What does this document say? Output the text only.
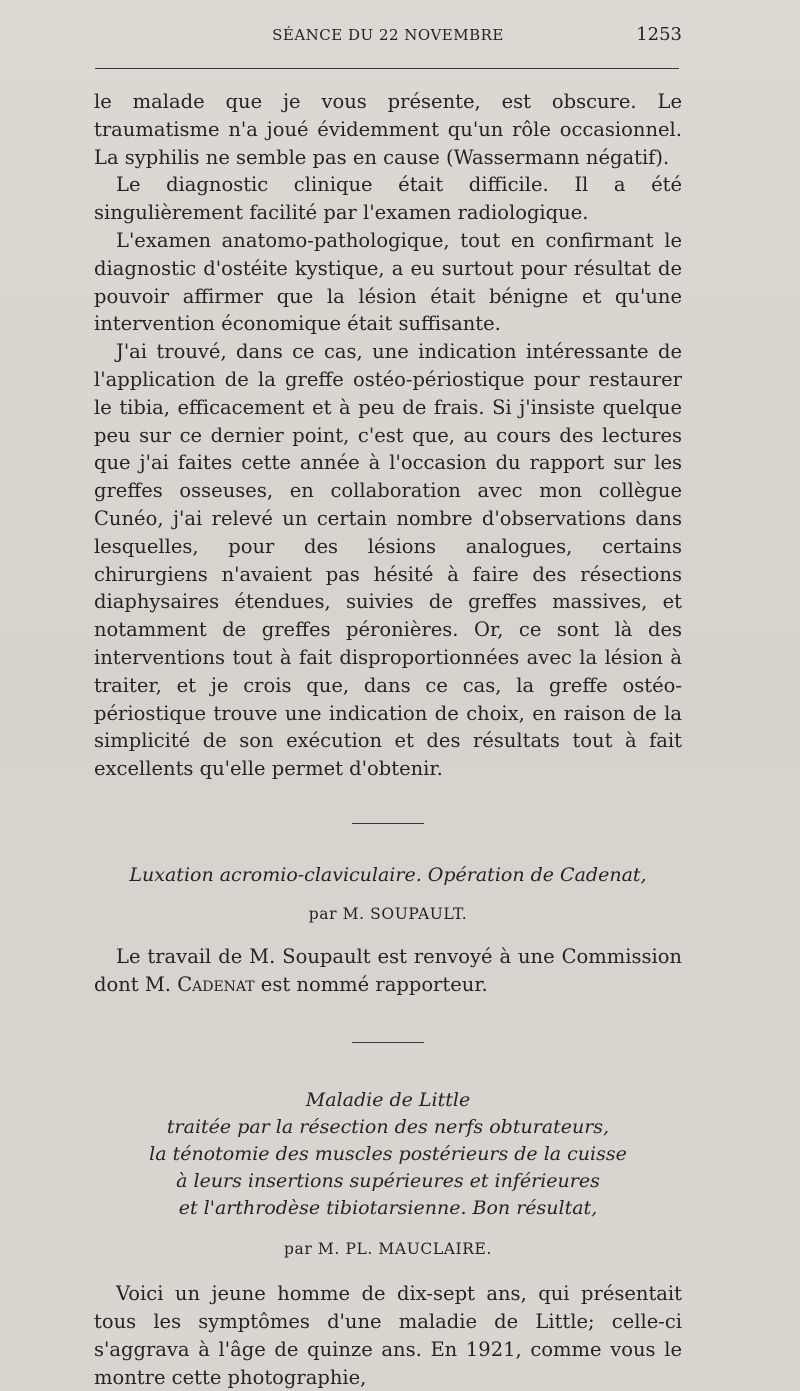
SÉANCE DU 22 NOVEMBRE	1253

le malade que je vous présente, est obscure. Le traumatisme n'a joué évidemment qu'un rôle occasionnel. La syphilis ne semble pas en cause (Wassermann négatif).

Le diagnostic clinique était difficile. Il a été singulièrement facilité par l'examen radiologique.

L'examen anatomo-pathologique, tout en confirmant le diagnostic d'ostéite kystique, a eu surtout pour résultat de pouvoir affirmer que la lésion était bénigne et qu'une intervention économique était suffisante.

J'ai trouvé, dans ce cas, une indication intéressante de l'application de la greffe ostéo-périostique pour restaurer le tibia, efficacement et à peu de frais. Si j'insiste quelque peu sur ce dernier point, c'est que, au cours des lectures que j'ai faites cette année à l'occasion du rapport sur les greffes osseuses, en collaboration avec mon collègue Cunéo, j'ai relevé un certain nombre d'observations dans lesquelles, pour des lésions analogues, certains chirurgiens n'avaient pas hésité à faire des résections diaphysaires étendues, suivies de greffes massives, et notamment de greffes péronières. Or, ce sont là des interventions tout à fait disproportionnées avec la lésion à traiter, et je crois que, dans ce cas, la greffe ostéo-périostique trouve une indication de choix, en raison de la simplicité de son exécution et des résultats tout à fait excellents qu'elle permet d'obtenir.

Luxation acromio-claviculaire. Opération de Cadenat,
par M. SOUPAULT.

Le travail de M. Soupault est renvoyé à une Commission dont M. Cadenat est nommé rapporteur.

Maladie de Little
traitée par la résection des nerfs obturateurs,
la ténotomie des muscles postérieurs de la cuisse
à leurs insertions supérieures et inférieures
et l'arthrodèse tibiotarsienne. Bon résultat,
par M. PL. MAUCLAIRE.

Voici un jeune homme de dix-sept ans, qui présentait tous les symptômes d'une maladie de Little; celle-ci s'aggrava à l'âge de quinze ans. En 1921, comme vous le montre cette photographie,
